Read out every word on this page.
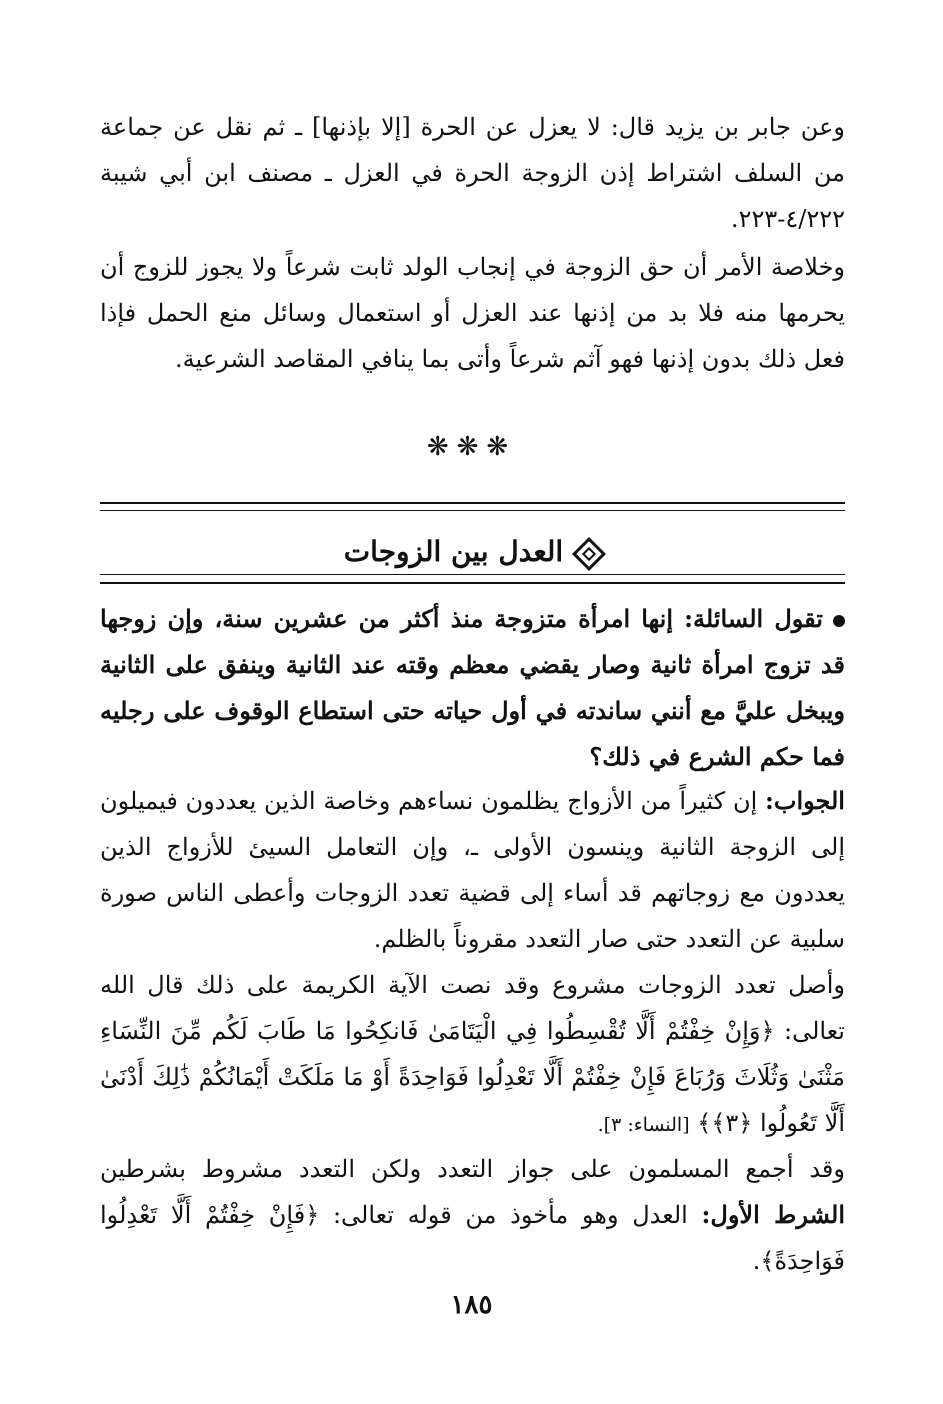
وعن جابر بن يزيد قال: لا يعزل عن الحرة [إلا بإذنها] ـ ثم نقل عن جماعة من السلف اشتراط إذن الزوجة الحرة في العزل ـ مصنف ابن أبي شيبة ٤/٢٢٢-٢٢٣.

وخلاصة الأمر أن حق الزوجة في إنجاب الولد ثابت شرعاً ولا يجوز للزوج أن يحرمها منه فلا بد من إذنها عند العزل أو استعمال وسائل منع الحمل فإذا فعل ذلك بدون إذنها فهو آثم شرعاً وأتى بما ينافي المقاصد الشرعية.

❋❋❋
العدل بين الزوجات

تقول السائلة: إنها امرأة متزوجة منذ أكثر من عشرين سنة، وإن زوجها قد تزوج امرأة ثانية وصار يقضي معظم وقته عند الثانية وينفق على الثانية ويبخل عليَّ مع أنني ساندته في أول حياته حتى استطاع الوقوف على رجليه فما حكم الشرع في ذلك؟

الجواب: إن كثيراً من الأزواج يظلمون نساءهم وخاصة الذين يعددون فيميلون إلى الزوجة الثانية وينسون الأولى ـ، وإن التعامل السيئ للأزواج الذين يعددون مع زوجاتهم قد أساء إلى قضية تعدد الزوجات وأعطى الناس صورة سلبية عن التعدد حتى صار التعدد مقروناً بالظلم.

وأصل تعدد الزوجات مشروع وقد نصت الآية الكريمة على ذلك قال الله تعالى: ﴿وَإِنْ خِفْتُمْ أَلَّا تُقْسِطُوا فِي الْيَتَامَىٰ فَانكِحُوا مَا طَابَ لَكُم مِّنَ النِّسَاءِ مَثْنَىٰ وَثُلَاثَ وَرُبَاعَ فَإِنْ خِفْتُمْ أَلَّا تَعْدِلُوا فَوَاحِدَةً أَوْ مَا مَلَكَتْ أَيْمَانُكُمْ ذَٰلِكَ أَدْنَىٰ أَلَّا تَعُولُوا ﴿٣﴾﴾ [النساء: ٣].

وقد أجمع المسلمون على جواز التعدد ولكن التعدد مشروط بشرطين الشرط الأول: العدل وهو مأخوذ من قوله تعالى: ﴿فَإِنْ خِفْتُمْ أَلَّا تَعْدِلُوا فَوَاحِدَةً﴾.

١٨٥
